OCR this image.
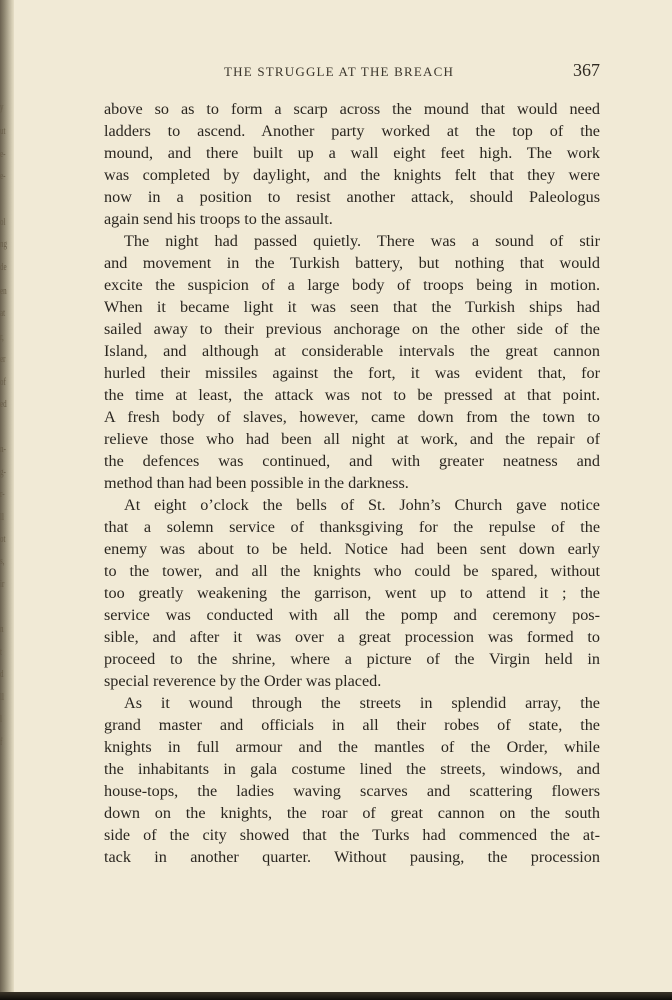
y
ut
e-
e-
ol
ng
de
en
at
r,
er
of
ed
n-
g-
r-
ll
ot
s,
ir
n
t
d
ll
l
f
THE STRUGGLE AT THE BREACH	367
above so as to form a scarp across the mound that would need
ladders to ascend. Another party worked at the top of the
mound, and there built up a wall eight feet high. The work
was completed by daylight, and the knights felt that they were
now in a position to resist another attack, should Paleologus
again send his troops to the assault.
The night had passed quietly. There was a sound of stir
and movement in the Turkish battery, but nothing that would
excite the suspicion of a large body of troops being in motion.
When it became light it was seen that the Turkish ships had
sailed away to their previous anchorage on the other side of the
Island, and although at considerable intervals the great cannon
hurled their missiles against the fort, it was evident that, for
the time at least, the attack was not to be pressed at that point.
A fresh body of slaves, however, came down from the town to
relieve those who had been all night at work, and the repair of
the defences was continued, and with greater neatness and
method than had been possible in the darkness.
At eight o’clock the bells of St. John’s Church gave notice
that a solemn service of thanksgiving for the repulse of the
enemy was about to be held. Notice had been sent down early
to the tower, and all the knights who could be spared, without
too greatly weakening the garrison, went up to attend it ; the
service was conducted with all the pomp and ceremony pos-
sible, and after it was over a great procession was formed to
proceed to the shrine, where a picture of the Virgin held in
special reverence by the Order was placed.
As it wound through the streets in splendid array, the
grand master and officials in all their robes of state, the
knights in full armour and the mantles of the Order, while
the inhabitants in gala costume lined the streets, windows, and
house-tops, the ladies waving scarves and scattering flowers
down on the knights, the roar of great cannon on the south
side of the city showed that the Turks had commenced the at-
tack in another quarter. Without pausing, the procession
